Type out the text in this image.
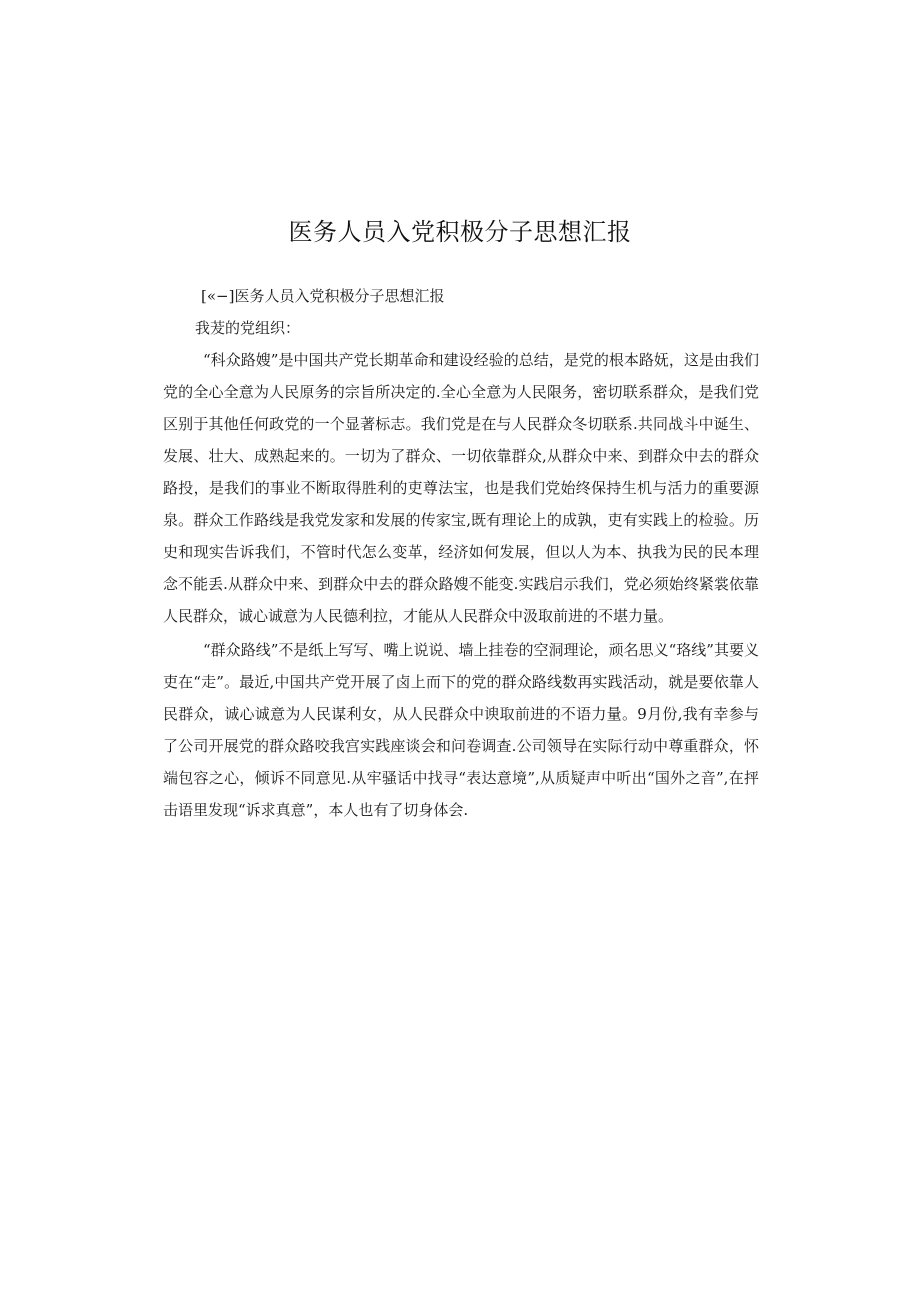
医务人员入党积极分子思想汇报

[«−]医务人员入党积极分子思想汇报

我茇的党组织：

“科众路嫂”是中国共产党长期革命和建设经验的总结，是党的根本路妩，这是由我们党的全心全意为人民原务的宗旨所决定的.全心全意为人民限务，密切联系群众，是我们党区别于其他任何政党的一个显著标志。我们党是在与人民群众冬切联系.共同战斗中诞生、发展、壮大、成熟起来的。一切为了群众、一切依靠群众,从群众中来、到群众中去的群众路投，是我们的事业不断取得胜利的吏尊法宝，也是我们党始终保持生机与活力的重要源泉。群众工作路线是我党发家和发展的传家宝,既有理论上的成孰，吏有实践上的检验。历史和现实告诉我们，不管时代怎么变革，经济如何发展，但以人为本、执我为民的民本理念不能丢.从群众中来、到群众中去的群众路嫂不能变.实践启示我们，党必须始终紧裳依靠人民群众，诚心诚意为人民德利拉，才能从人民群众中汲取前进的不堪力量。

“群众路线”不是纸上写写、嘴上说说、墙上挂卷的空洞理论，顽名思义“珞线”其要义吏在“走”。最近,中国共产党开展了卤上而下的党的群众路线数再实践活动，就是要依靠人民群众，诚心诚意为人民谋利女，从人民群众中谀取前进的不语力量。9月份,我有幸参与了公司开展党的群众路咬我宫实践座谈会和问卷调查.公司领导在实际行动中尊重群众，怀端包容之心，倾诉不同意见.从牢骚话中找寻“表达意境”,从质疑声中听出“国外之音”,在抨击语里发现“诉求真意”，本人也有了切身体会.
